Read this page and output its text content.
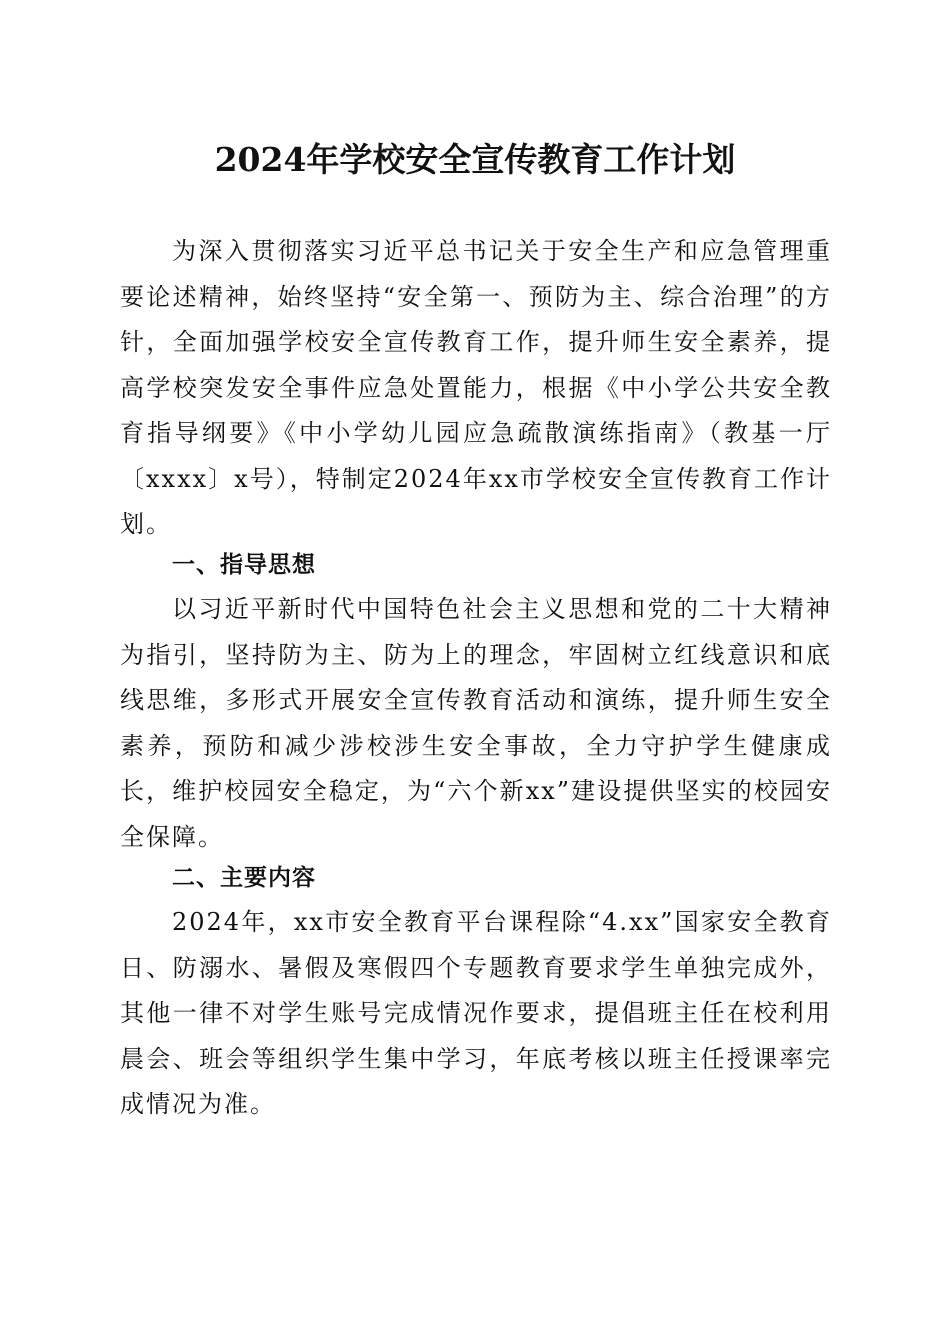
2024年学校安全宣传教育工作计划

为深入贯彻落实习近平总书记关于安全生产和应急管理重要论述精神，始终坚持“安全第一、预防为主、综合治理”的方针，全面加强学校安全宣传教育工作，提升师生安全素养，提高学校突发安全事件应急处置能力，根据《中小学公共安全教育指导纲要》《中小学幼儿园应急疏散演练指南》（教基一厅〔xxxx〕x号），特制定2024年xx市学校安全宣传教育工作计划。

一、指导思想

以习近平新时代中国特色社会主义思想和党的二十大精神为指引，坚持防为主、防为上的理念，牢固树立红线意识和底线思维，多形式开展安全宣传教育活动和演练，提升师生安全素养，预防和减少涉校涉生安全事故，全力守护学生健康成长，维护校园安全稳定，为“六个新xx”建设提供坚实的校园安全保障。

二、主要内容

2024年，xx市安全教育平台课程除“4.xx”国家安全教育日、防溺水、暑假及寒假四个专题教育要求学生单独完成外，其他一律不对学生账号完成情况作要求，提倡班主任在校利用晨会、班会等组织学生集中学习，年底考核以班主任授课率完成情况为准。
